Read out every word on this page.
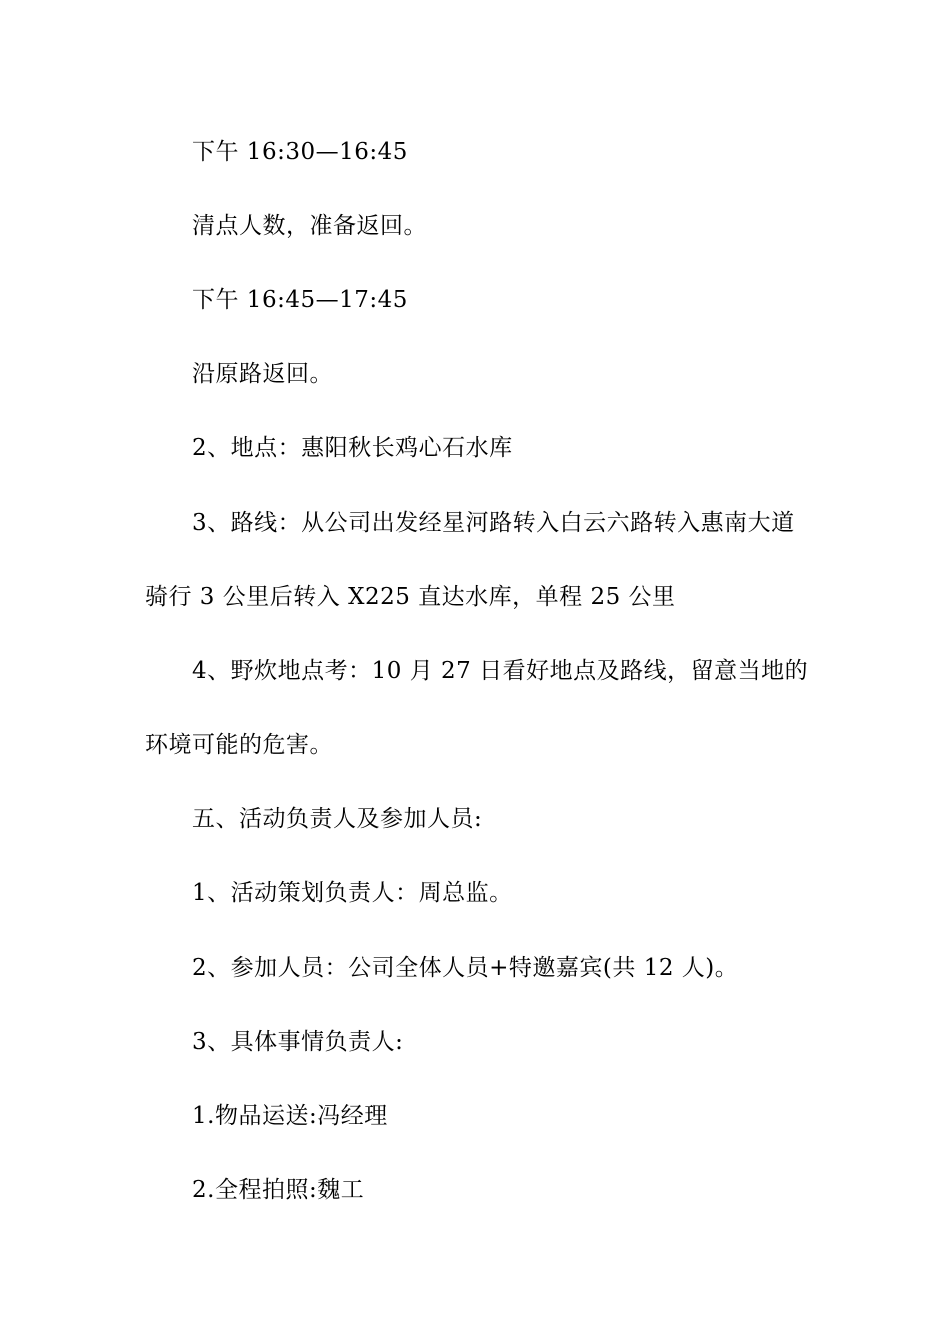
下午 16:30—16:45
清点人数，准备返回。
下午 16:45—17:45
沿原路返回。
2、地点：惠阳秋长鸡心石水库
3、路线：从公司出发经星河路转入白云六路转入惠南大道
骑行 3 公里后转入 X225 直达水库，单程 25 公里
4、野炊地点考：10 月 27 日看好地点及路线，留意当地的
环境可能的危害。
五、活动负责人及参加人员:
1、活动策划负责人：周总监。
2、参加人员：公司全体人员+特邀嘉宾(共 12 人)。
3、具体事情负责人:
1.物品运送:冯经理
2.全程拍照:魏工
